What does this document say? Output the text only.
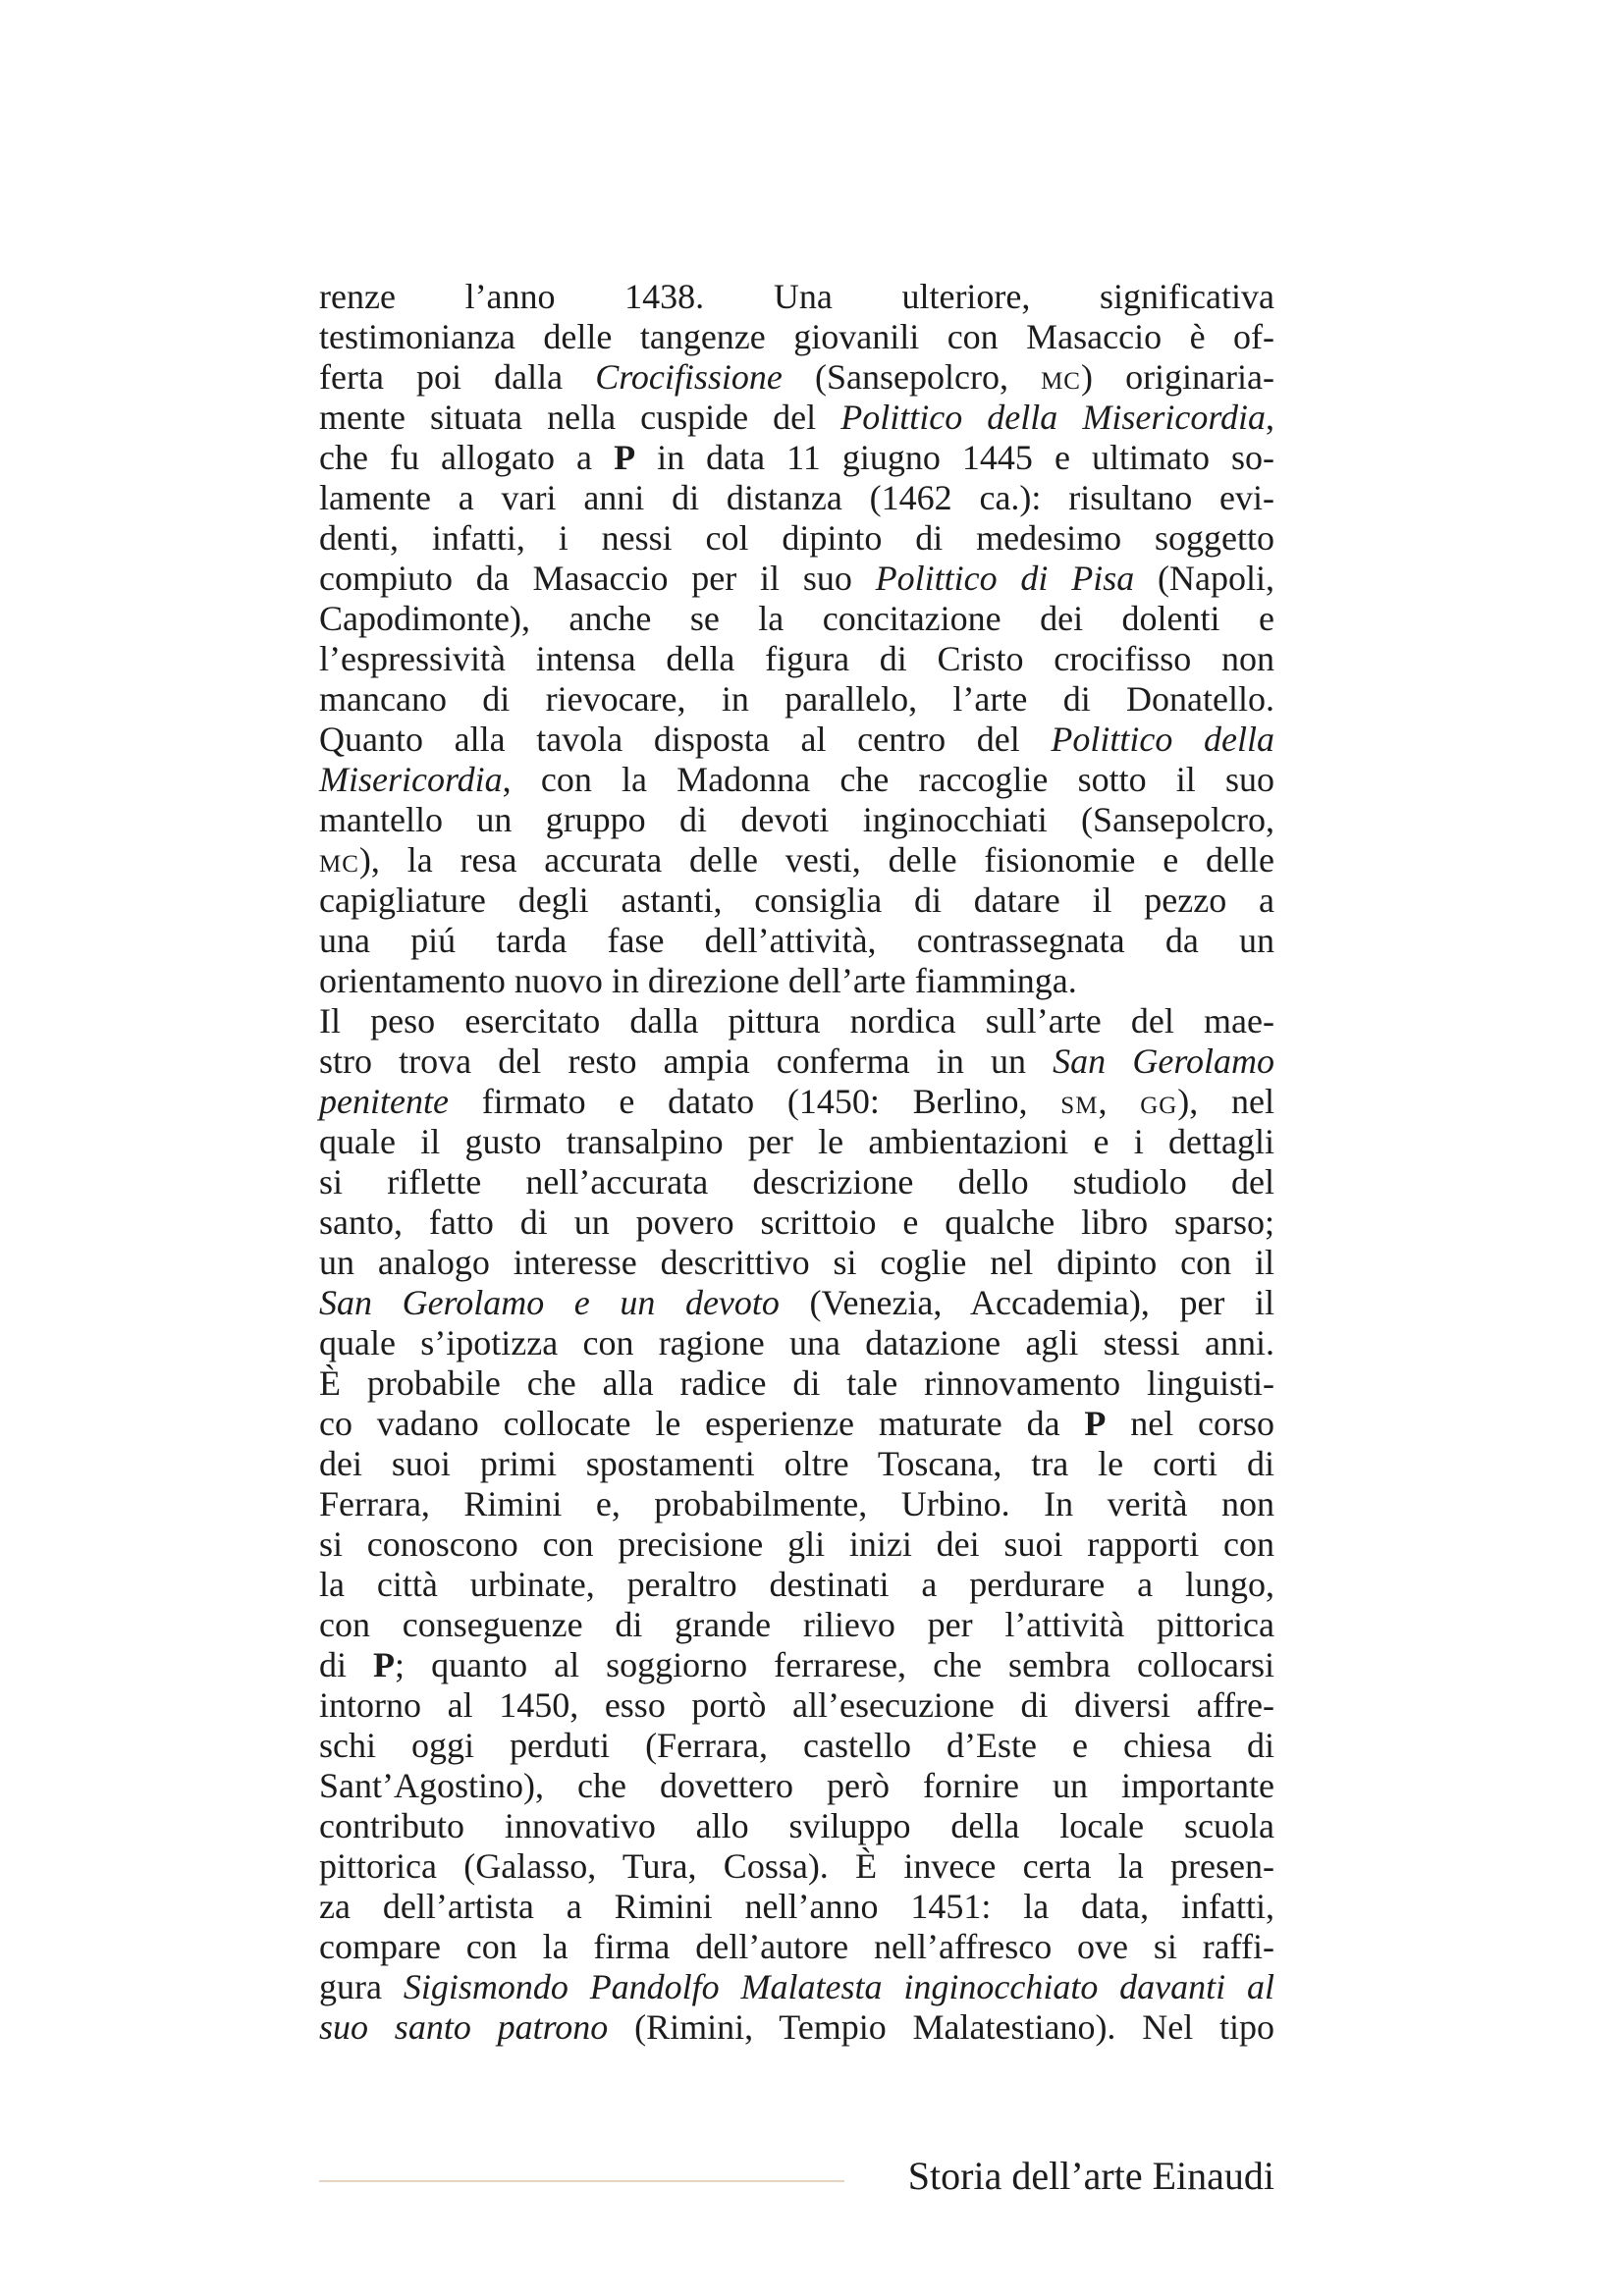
renze l’anno 1438. Una ulteriore, significativa
testimonianza delle tangenze giovanili con Masaccio è of-
ferta poi dalla Crocifissione (Sansepolcro, mc) originaria-
mente situata nella cuspide del Polittico della Misericordia,
che fu allogato a P in data 11 giugno 1445 e ultimato so-
lamente a vari anni di distanza (1462 ca.): risultano evi-
denti, infatti, i nessi col dipinto di medesimo soggetto
compiuto da Masaccio per il suo Polittico di Pisa (Napoli,
Capodimonte), anche se la concitazione dei dolenti e
l’espressività intensa della figura di Cristo crocifisso non
mancano di rievocare, in parallelo, l’arte di Donatello.
Quanto alla tavola disposta al centro del Polittico della
Misericordia, con la Madonna che raccoglie sotto il suo
mantello un gruppo di devoti inginocchiati (Sansepolcro,
mc), la resa accurata delle vesti, delle fisionomie e delle
capigliature degli astanti, consiglia di datare il pezzo a
una piú tarda fase dell’attività, contrassegnata da un
orientamento nuovo in direzione dell’arte fiamminga.
Il peso esercitato dalla pittura nordica sull’arte del mae-
stro trova del resto ampia conferma in un San Gerolamo
penitente firmato e datato (1450: Berlino, sm, gg), nel
quale il gusto transalpino per le ambientazioni e i dettagli
si riflette nell’accurata descrizione dello studiolo del
santo, fatto di un povero scrittoio e qualche libro sparso;
un analogo interesse descrittivo si coglie nel dipinto con il
San Gerolamo e un devoto (Venezia, Accademia), per il
quale s’ipotizza con ragione una datazione agli stessi anni.
È probabile che alla radice di tale rinnovamento linguisti-
co vadano collocate le esperienze maturate da P nel corso
dei suoi primi spostamenti oltre Toscana, tra le corti di
Ferrara, Rimini e, probabilmente, Urbino. In verità non
si conoscono con precisione gli inizi dei suoi rapporti con
la città urbinate, peraltro destinati a perdurare a lungo,
con conseguenze di grande rilievo per l’attività pittorica
di P; quanto al soggiorno ferrarese, che sembra collocarsi
intorno al 1450, esso portò all’esecuzione di diversi affre-
schi oggi perduti (Ferrara, castello d’Este e chiesa di
Sant’Agostino), che dovettero però fornire un importante
contributo innovativo allo sviluppo della locale scuola
pittorica (Galasso, Tura, Cossa). È invece certa la presen-
za dell’artista a Rimini nell’anno 1451: la data, infatti,
compare con la firma dell’autore nell’affresco ove si raffi-
gura Sigismondo Pandolfo Malatesta inginocchiato davanti al
suo santo patrono (Rimini, Tempio Malatestiano). Nel tipo
Storia dell’arte Einaudi
